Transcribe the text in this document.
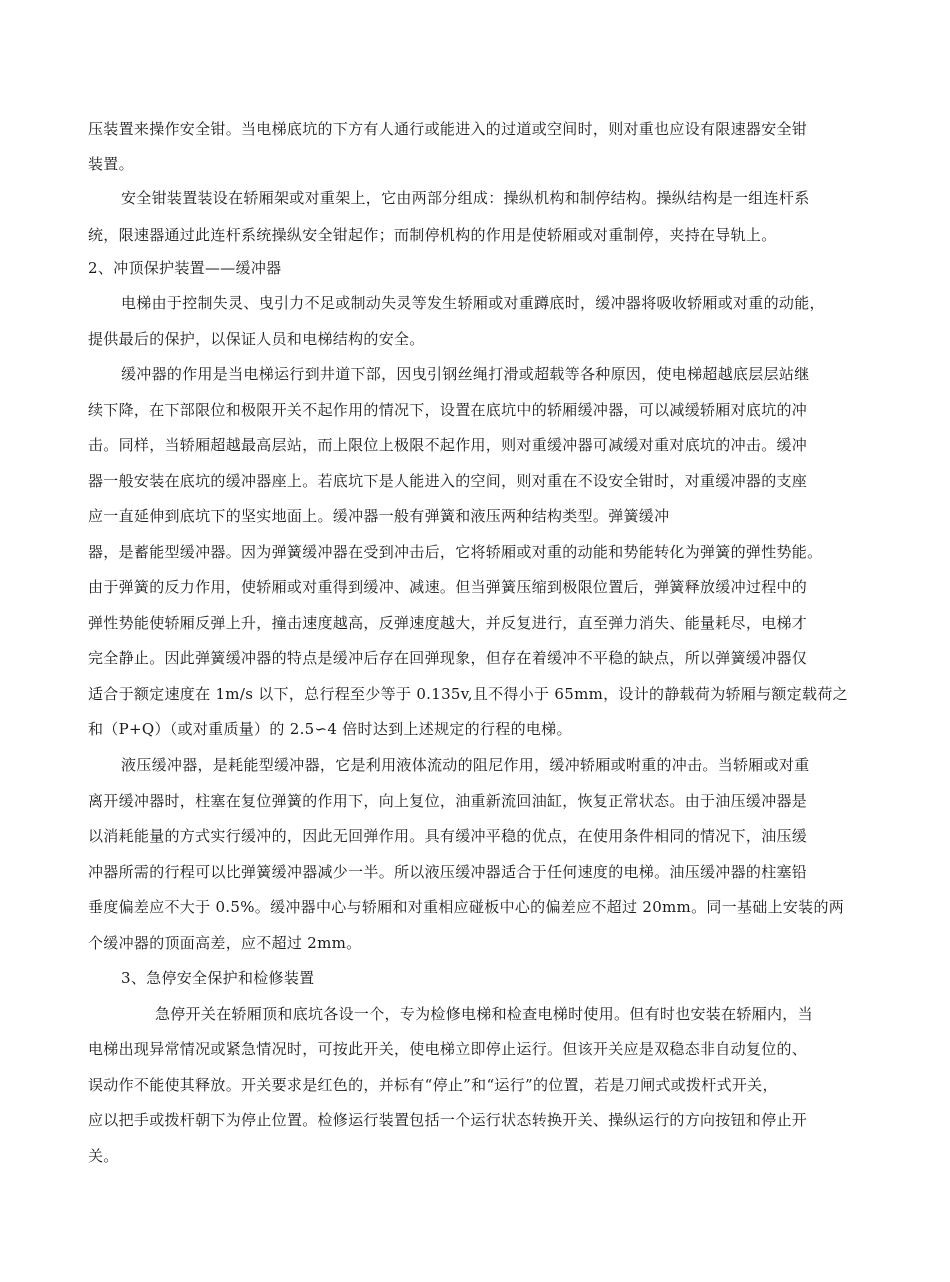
压装置来操作安全钳。当电梯底坑的下方有人通行或能进入的过道或空间时，则对重也应设有限速器安全钳

装置。

安全钳装置装设在轿厢架或对重架上，它由两部分组成：操纵机构和制停结构。操纵结构是一组连杆系

统，限速器通过此连杆系统操纵安全钳起作；而制停机构的作用是使轿厢或对重制停，夹持在导轨上。

2、冲顶保护装置——缓冲器

电梯由于控制失灵、曳引力不足或制动失灵等发生轿厢或对重蹲底时，缓冲器将吸收轿厢或对重的动能，

提供最后的保护，以保证人员和电梯结构的安全。

缓冲器的作用是当电梯运行到井道下部，因曳引钢丝绳打滑或超载等各种原因，使电梯超越底层层站继

续下降，在下部限位和极限开关不起作用的情况下，设置在底坑中的轿厢缓冲器，可以减缓轿厢对底坑的冲

击。同样，当轿厢超越最高层站，而上限位上极限不起作用，则对重缓冲器可减缓对重对底坑的冲击。缓冲

器一般安装在底坑的缓冲器座上。若底坑下是人能进入的空间，则对重在不设安全钳时，对重缓冲器的支座

应一直延伸到底坑下的坚实地面上。缓冲器一般有弹簧和液压两种结构类型。弹簧缓冲

器，是蓄能型缓冲器。因为弹簧缓冲器在受到冲击后，它将轿厢或对重的动能和势能转化为弹簧的弹性势能。

由于弹簧的反力作用，使轿厢或对重得到缓冲、减速。但当弹簧压缩到极限位置后，弹簧释放缓冲过程中的

弹性势能使轿厢反弹上升，撞击速度越高，反弹速度越大，并反复进行，直至弹力消失、能量耗尽，电梯才

完全静止。因此弹簧缓冲器的特点是缓冲后存在回弹现象，但存在着缓冲不平稳的缺点，所以弹簧缓冲器仅

适合于额定速度在 1m/s 以下，总行程至少等于 0.135v,且不得小于 65mm，设计的静载荷为轿厢与额定载荷之

和（P+Q）（或对重质量）的 2.5∽4 倍时达到上述规定的行程的电梯。

液压缓冲器，是耗能型缓冲器，它是利用液体流动的阻尼作用，缓冲轿厢或咐重的冲击。当轿厢或对重

离开缓冲器时，柱塞在复位弹簧的作用下，向上复位，油重新流回油缸，恢复正常状态。由于油压缓冲器是

以消耗能量的方式实行缓冲的，因此无回弹作用。具有缓冲平稳的优点，在使用条件相同的情况下，油压缓

冲器所需的行程可以比弹簧缓冲器减少一半。所以液压缓冲器适合于任何速度的电梯。油压缓冲器的柱塞铅

垂度偏差应不大于 0.5%。缓冲器中心与轿厢和对重相应碰板中心的偏差应不超过 20mm。同一基础上安装的两

个缓冲器的顶面高差，应不超过 2mm。

3、急停安全保护和检修装置

急停开关在轿厢顶和底坑各设一个，专为检修电梯和检查电梯时使用。但有时也安装在轿厢内，当

电梯出现异常情况或紧急情况时，可按此开关，使电梯立即停止运行。但该开关应是双稳态非自动复位的、

误动作不能使其释放。开关要求是红色的，并标有“停止”和“运行”的位置，若是刀闸式或拨杆式开关，

应以把手或拨杆朝下为停止位置。检修运行装置包括一个运行状态转换开关、操纵运行的方向按钮和停止开

关。
